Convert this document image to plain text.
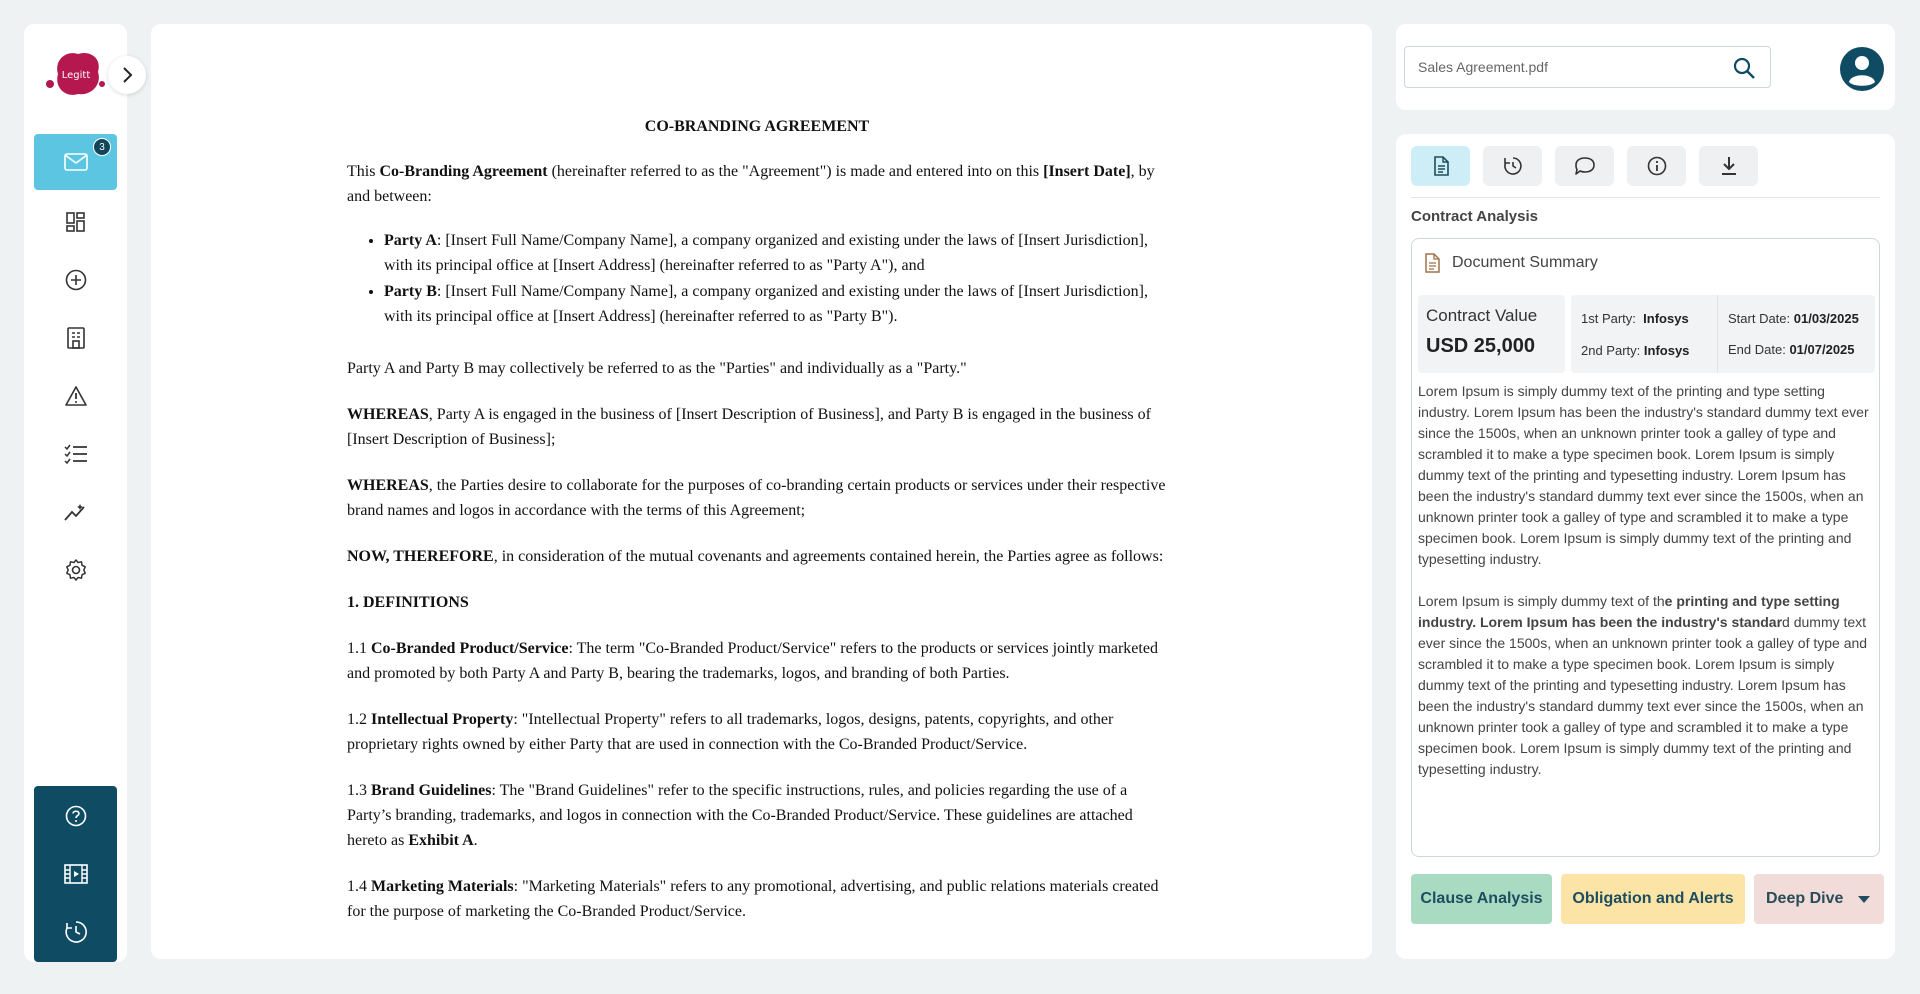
Legitt
3
CO-BRANDING AGREEMENT

This Co-Branding Agreement (hereinafter referred to as the "Agreement") is made and entered into on this [Insert Date], by and between:

• Party A: [Insert Full Name/Company Name], a company organized and existing under the laws of [Insert Jurisdiction], with its principal office at [Insert Address] (hereinafter referred to as "Party A"), and
• Party B: [Insert Full Name/Company Name], a company organized and existing under the laws of [Insert Jurisdiction], with its principal office at [Insert Address] (hereinafter referred to as "Party B").

Party A and Party B may collectively be referred to as the "Parties" and individually as a "Party."

WHEREAS, Party A is engaged in the business of [Insert Description of Business], and Party B is engaged in the business of [Insert Description of Business];

WHEREAS, the Parties desire to collaborate for the purposes of co-branding certain products or services under their respective brand names and logos in accordance with the terms of this Agreement;

NOW, THEREFORE, in consideration of the mutual covenants and agreements contained herein, the Parties agree as follows:

1. DEFINITIONS

1.1 Co-Branded Product/Service: The term "Co-Branded Product/Service" refers to the products or services jointly marketed and promoted by both Party A and Party B, bearing the trademarks, logos, and branding of both Parties.

1.2 Intellectual Property: "Intellectual Property" refers to all trademarks, logos, designs, patents, copyrights, and other proprietary rights owned by either Party that are used in connection with the Co-Branded Product/Service.

1.3 Brand Guidelines: The "Brand Guidelines" refer to the specific instructions, rules, and policies regarding the use of a Party’s branding, trademarks, and logos in connection with the Co-Branded Product/Service. These guidelines are attached hereto as Exhibit A.

1.4 Marketing Materials: "Marketing Materials" refers to any promotional, advertising, and public relations materials created for the purpose of marketing the Co-Branded Product/Service.

Sales Agreement.pdf
Contract Analysis
Document Summary
Contract Value
USD 25,000
1st Party: Infosys
2nd Party: Infosys
Start Date: 01/03/2025
End Date: 01/07/2025

Lorem Ipsum is simply dummy text of the printing and type setting industry. Lorem Ipsum has been the industry's standard dummy text ever since the 1500s, when an unknown printer took a galley of type and scrambled it to make a type specimen book. Lorem Ipsum is simply dummy text of the printing and typesetting industry. Lorem Ipsum has been the industry's standard dummy text ever since the 1500s, when an unknown printer took a galley of type and scrambled it to make a type specimen book. Lorem Ipsum is simply dummy text of the printing and typesetting industry.

Lorem Ipsum is simply dummy text of the printing and type setting industry. Lorem Ipsum has been the industry's standard dummy text ever since the 1500s, when an unknown printer took a galley of type and scrambled it to make a type specimen book. Lorem Ipsum is simply dummy text of the printing and typesetting industry. Lorem Ipsum has been the industry's standard dummy text ever since the 1500s, when an unknown printer took a galley of type and scrambled it to make a type specimen book. Lorem Ipsum is simply dummy text of the printing and typesetting industry.

Clause Analysis	Obligation and Alerts	Deep Dive
